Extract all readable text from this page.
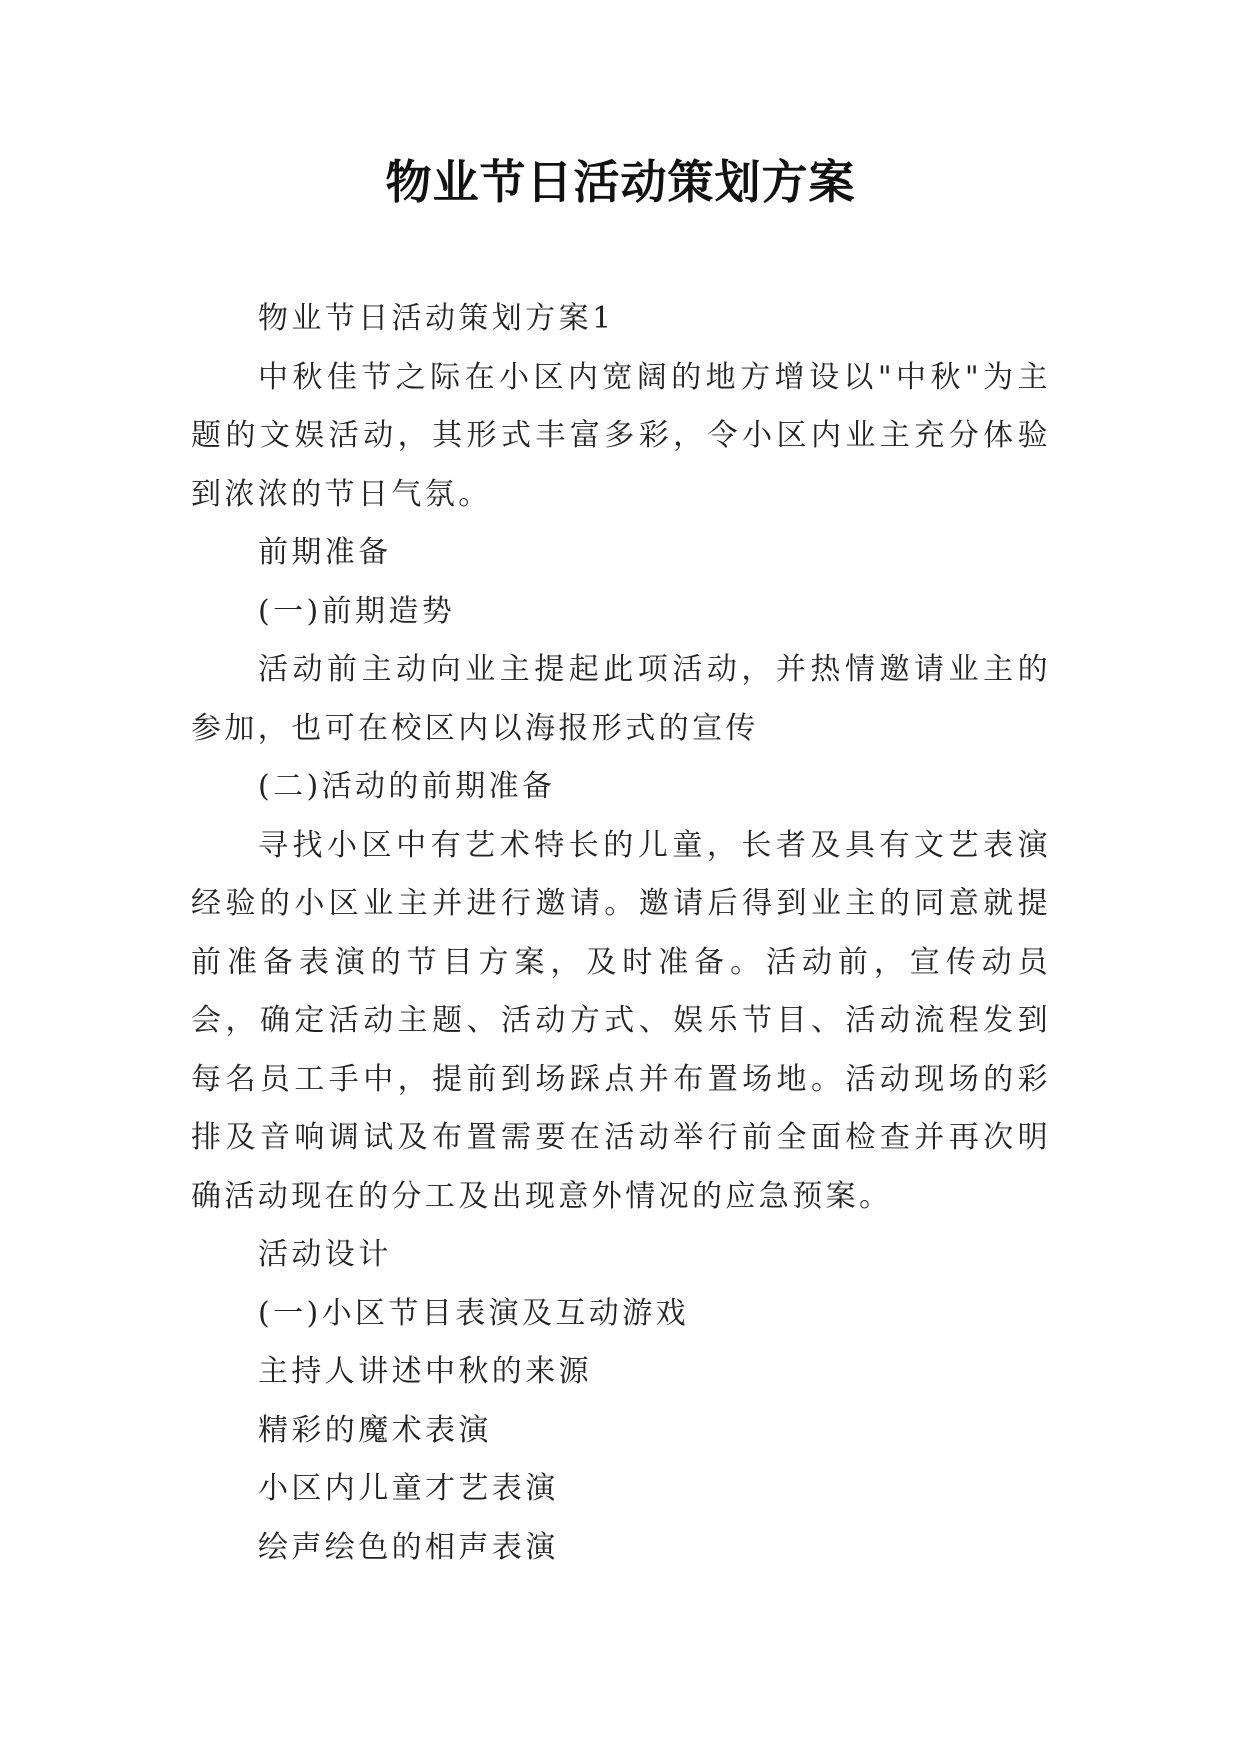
物业节日活动策划方案

物业节日活动策划方案1

中秋佳节之际在小区内宽阔的地方增设以"中秋"为主题的文娱活动，其形式丰富多彩，令小区内业主充分体验到浓浓的节日气氛。

前期准备

(一)前期造势

活动前主动向业主提起此项活动，并热情邀请业主的参加，也可在校区内以海报形式的宣传

(二)活动的前期准备

寻找小区中有艺术特长的儿童，长者及具有文艺表演经验的小区业主并进行邀请。邀请后得到业主的同意就提前准备表演的节目方案，及时准备。活动前，宣传动员会，确定活动主题、活动方式、娱乐节目、活动流程发到每名员工手中，提前到场踩点并布置场地。活动现场的彩排及音响调试及布置需要在活动举行前全面检查并再次明确活动现在的分工及出现意外情况的应急预案。

活动设计

(一)小区节目表演及互动游戏

主持人讲述中秋的来源

精彩的魔术表演

小区内儿童才艺表演

绘声绘色的相声表演
